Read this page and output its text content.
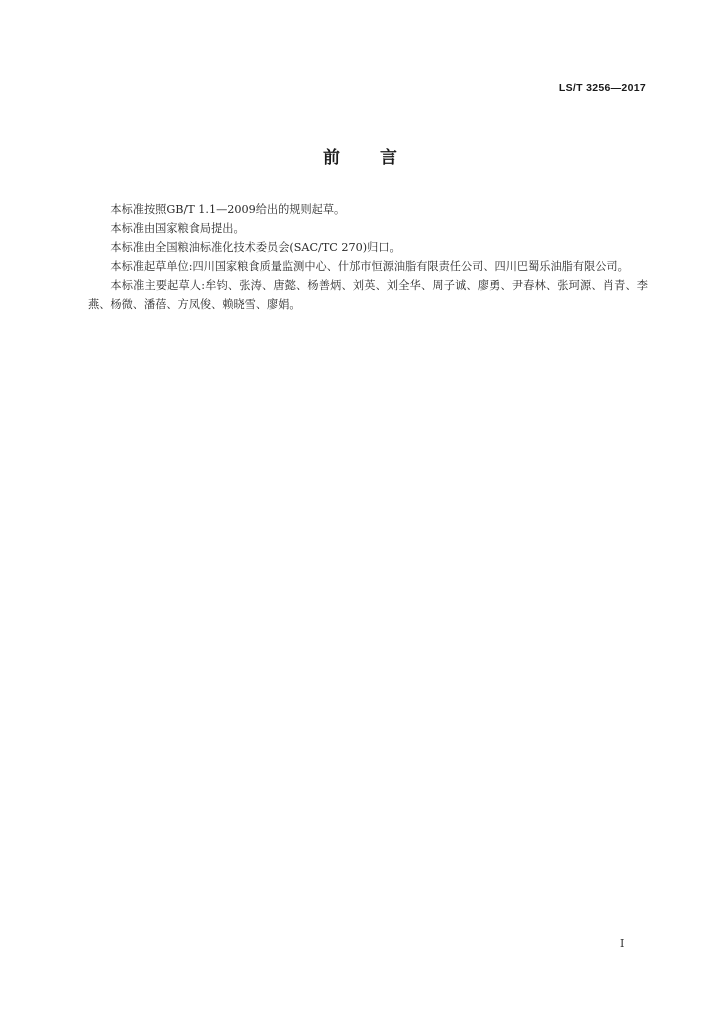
LS/T 3256—2017
前 言

本标准按照GB/T 1.1—2009给出的规则起草。

本标准由国家粮食局提出。

本标准由全国粮油标准化技术委员会(SAC/TC 270)归口。

本标准起草单位:四川国家粮食质量监测中心、什邡市恒源油脂有限责任公司、四川巴蜀乐油脂有限公司。

本标准主要起草人:牟钧、张涛、唐懿、杨善炳、刘英、刘全华、周子诚、廖勇、尹春林、张珂源、肖青、李燕、杨微、潘蓓、方凤俊、赖晓雪、廖娟。

I
